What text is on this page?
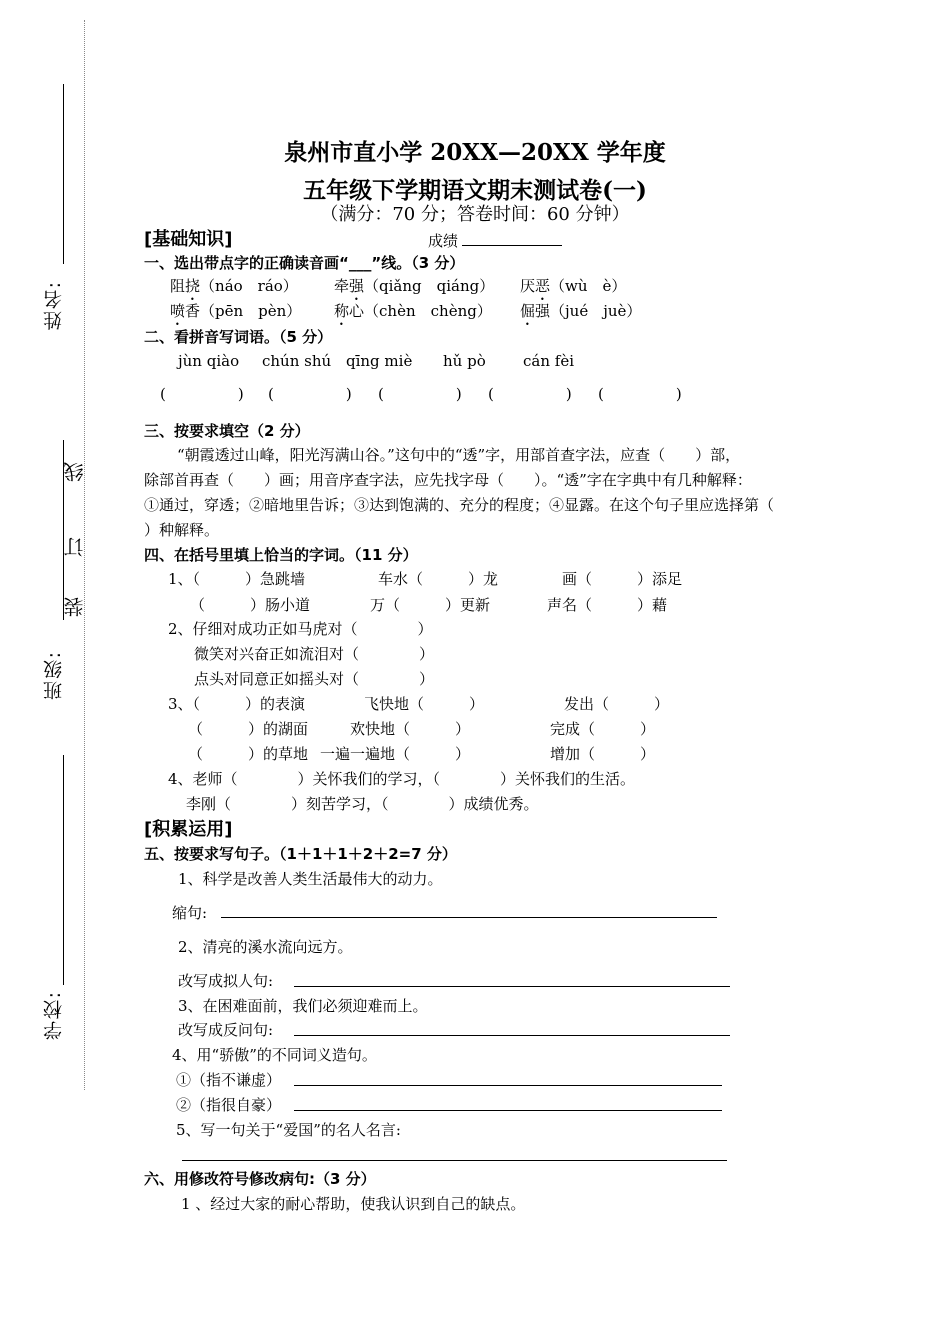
姓名:
线
订
装
班级:
学校:
泉州市直小学 20XX—20XX 学年度
五年级下学期语文期末测试卷(一)
（满分：70 分；答卷时间：60 分钟）
[基础知识]	成绩
一、选出带点字的正确读音画“___”线。（3 分）
阻挠（náo　ráo） 牵强（qiǎng　qiáng） 厌恶（wù　è）
喷香（pēn　pèn） 称心（chèn　chèng） 倔强（jué　juè）
二、看拼音写词语。（5 分）
jùn qiào chún shú qīng miè hǔ pò cán fèi
(	) (	) (	) (	) (	)
三、按要求填空（2 分）
“朝霞透过山峰，阳光泻满山谷。”这句中的“透”字，用部首查字法，应查（　　）部，
除部首再查（　　）画；用音序查字法，应先找字母（　　）。“透”字在字典中有几种解释：
①通过，穿透；②暗地里告诉；③达到饱满的、充分的程度；④显露。在这个句子里应选择第（
）种解释。
四、在括号里填上恰当的字词。（11 分）
1、（　　　）急跳墙	车水（　　　）龙	画（　　　）添足
（　　　）肠小道	万（　　　）更新	声名（　　　）藉
2、仔细对成功正如马虎对（　　　　）
微笑对兴奋正如流泪对（　　　　）
点头对同意正如摇头对（　　　　）
3、（　　　）的表演	飞快地（　　　）	发出（　　　）
（　　　）的湖面	欢快地（　　　）	完成（　　　）
（　　　）的草地 一遍一遍地（　　　）	增加（　　　）
4、老师（　　　　）关怀我们的学习，（　　　　）关怀我们的生活。
李刚（　　　　）刻苦学习，（　　　　）成绩优秀。
[积累运用]
五、按要求写句子。（1＋1＋1＋2＋2=7 分）
1、科学是改善人类生活最伟大的动力。
缩句:
2、清亮的溪水流向远方。
改写成拟人句:
3、在困难面前，我们必须迎难而上。
改写成反问句:
4、用“骄傲”的不同词义造句。
①（指不谦虚）
②（指很自豪）
5、写一句关于“爱国”的名人名言:
六、用修改符号修改病句:（3 分）
1 、经过大家的耐心帮助，使我认识到自己的缺点。
